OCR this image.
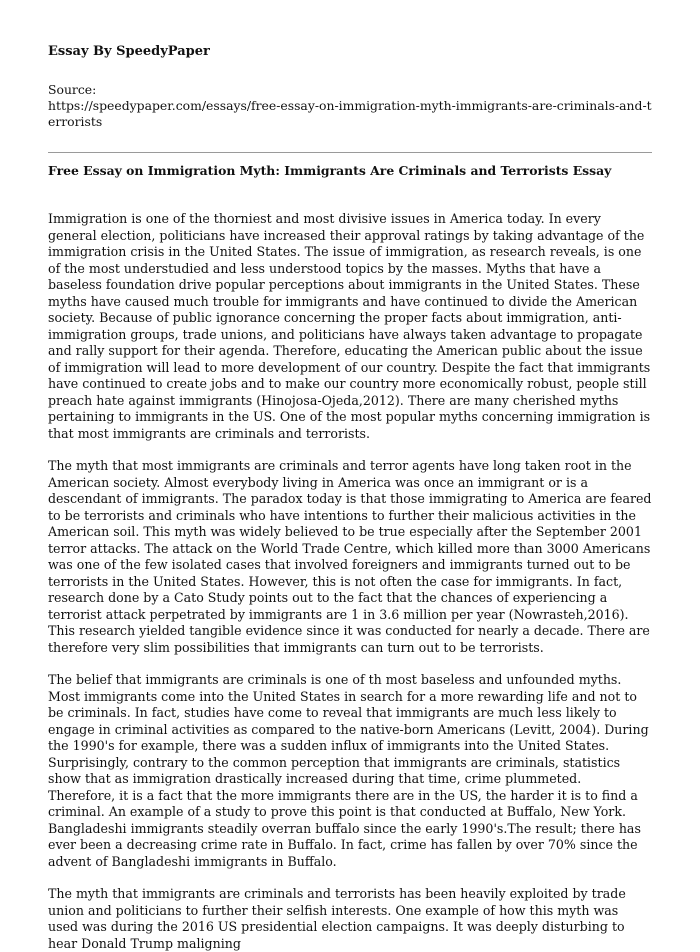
Essay By SpeedyPaper
Source:
https://speedypaper.com/essays/free-essay-on-immigration-myth-immigrants-are-criminals-and-terrorists
Free Essay on Immigration Myth: Immigrants Are Criminals and Terrorists Essay

Immigration is one of the thorniest and most divisive issues in America today. In every general election, politicians have increased their approval ratings by taking advantage of the immigration crisis in the United States. The issue of immigration, as research reveals, is one of the most understudied and less understood topics by the masses. Myths that have a baseless foundation drive popular perceptions about immigrants in the United States. These myths have caused much trouble for immigrants and have continued to divide the American society. Because of public ignorance concerning the proper facts about immigration, anti-immigration groups, trade unions, and politicians have always taken advantage to propagate and rally support for their agenda. Therefore, educating the American public about the issue of immigration will lead to more development of our country. Despite the fact that immigrants have continued to create jobs and to make our country more economically robust, people still preach hate against immigrants (Hinojosa-Ojeda,2012). There are many cherished myths pertaining to immigrants in the US. One of the most popular myths concerning immigration is that most immigrants are criminals and terrorists.

The myth that most immigrants are criminals and terror agents have long taken root in the American society. Almost everybody living in America was once an immigrant or is a descendant of immigrants. The paradox today is that those immigrating to America are feared to be terrorists and criminals who have intentions to further their malicious activities in the American soil. This myth was widely believed to be true especially after the September 2001 terror attacks. The attack on the World Trade Centre, which killed more than 3000 Americans was one of the few isolated cases that involved foreigners and immigrants turned out to be terrorists in the United States. However, this is not often the case for immigrants. In fact, research done by a Cato Study points out to the fact that the chances of experiencing a terrorist attack perpetrated by immigrants are 1 in 3.6 million per year (Nowrasteh,2016). This research yielded tangible evidence since it was conducted for nearly a decade. There are therefore very slim possibilities that immigrants can turn out to be terrorists.

The belief that immigrants are criminals is one of th most baseless and unfounded myths. Most immigrants come into the United States in search for a more rewarding life and not to be criminals. In fact, studies have come to reveal that immigrants are much less likely to engage in criminal activities as compared to the native-born Americans (Levitt, 2004). During the 1990's for example, there was a sudden influx of immigrants into the United States. Surprisingly, contrary to the common perception that immigrants are criminals, statistics show that as immigration drastically increased during that time, crime plummeted. Therefore, it is a fact that the more immigrants there are in the US, the harder it is to find a criminal. An example of a study to prove this point is that conducted at Buffalo, New York. Bangladeshi immigrants steadily overran buffalo since the early 1990's.The result; there has ever been a decreasing crime rate in Buffalo. In fact, crime has fallen by over 70% since the advent of Bangladeshi immigrants in Buffalo.

The myth that immigrants are criminals and terrorists has been heavily exploited by trade union and politicians to further their selfish interests. One example of how this myth was used was during the 2016 US presidential election campaigns. It was deeply disturbing to hear Donald Trump maligning
